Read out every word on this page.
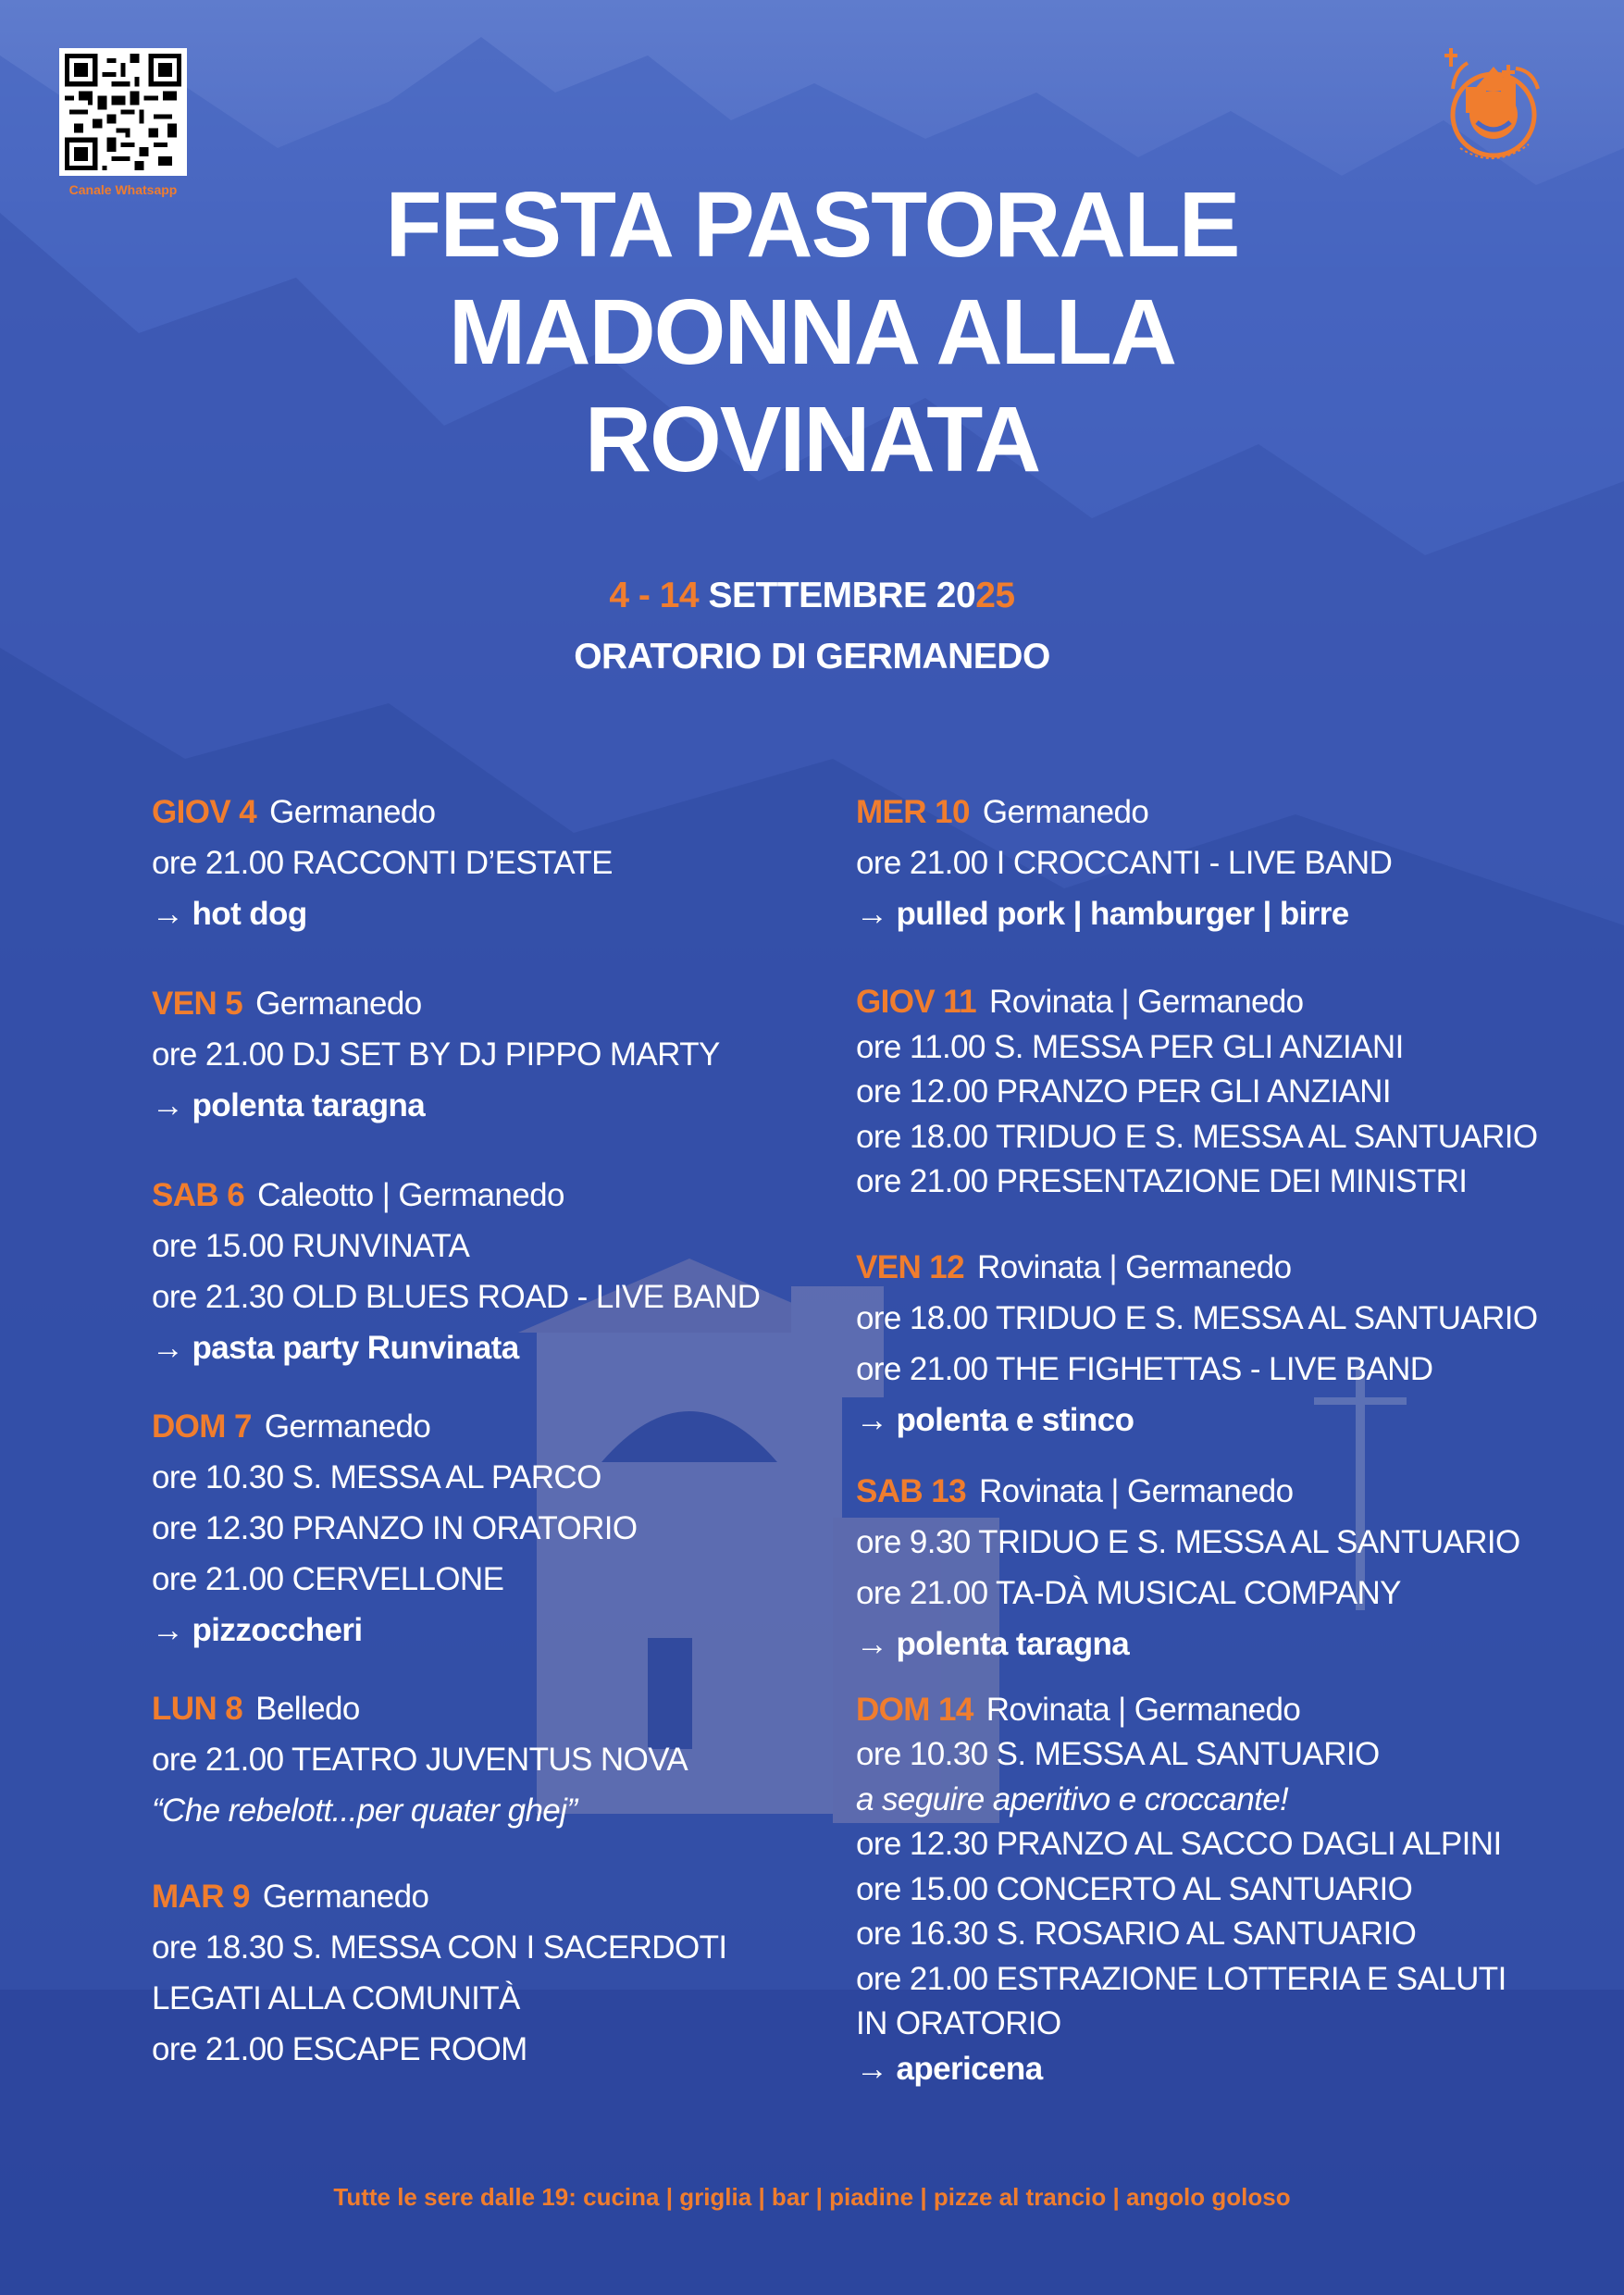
Canale Whatsapp	FESTA PASTORALE
MADONNA ALLA
ROVINATA
4 - 14 SETTEMBRE 2025
ORATORIO DI GERMANEDO
GIOV 4 Germanedo
ore 21.00 RACCONTI D’ESTATE
→ hot dog
VEN 5 Germanedo
ore 21.00 DJ SET BY DJ PIPPO MARTY
→ polenta taragna
SAB 6 Caleotto | Germanedo
ore 15.00 RUNVINATA
ore 21.30 OLD BLUES ROAD - LIVE BAND
→ pasta party Runvinata
DOM 7 Germanedo
ore 10.30 S. MESSA AL PARCO
ore 12.30 PRANZO IN ORATORIO
ore 21.00 CERVELLONE
→ pizzoccheri
LUN 8 Belledo
ore 21.00 TEATRO JUVENTUS NOVA
“Che rebelott...per quater ghej”
MAR 9 Germanedo
ore 18.30 S. MESSA CON I SACERDOTI
LEGATI ALLA COMUNITÀ
ore 21.00 ESCAPE ROOM
MER 10 Germanedo
ore 21.00 I CROCCANTI - LIVE BAND
→ pulled pork | hamburger | birre
GIOV 11 Rovinata | Germanedo
ore 11.00 S. MESSA PER GLI ANZIANI
ore 12.00 PRANZO PER GLI ANZIANI
ore 18.00 TRIDUO E S. MESSA AL SANTUARIO
ore 21.00 PRESENTAZIONE DEI MINISTRI
VEN 12 Rovinata | Germanedo
ore 18.00 TRIDUO E S. MESSA AL SANTUARIO
ore 21.00 THE FIGHETTAS - LIVE BAND
→ polenta e stinco
SAB 13 Rovinata | Germanedo
ore 9.30 TRIDUO E S. MESSA AL SANTUARIO
ore 21.00 TA-DÀ MUSICAL COMPANY
→ polenta taragna
DOM 14 Rovinata | Germanedo
ore 10.30 S. MESSA AL SANTUARIO
a seguire aperitivo e croccante!
ore 12.30 PRANZO AL SACCO DAGLI ALPINI
ore 15.00 CONCERTO AL SANTUARIO
ore 16.30 S. ROSARIO AL SANTUARIO
ore 21.00 ESTRAZIONE LOTTERIA E SALUTI
IN ORATORIO
→ apericena
Tutte le sere dalle 19: cucina | griglia | bar | piadine | pizze al trancio | angolo goloso
